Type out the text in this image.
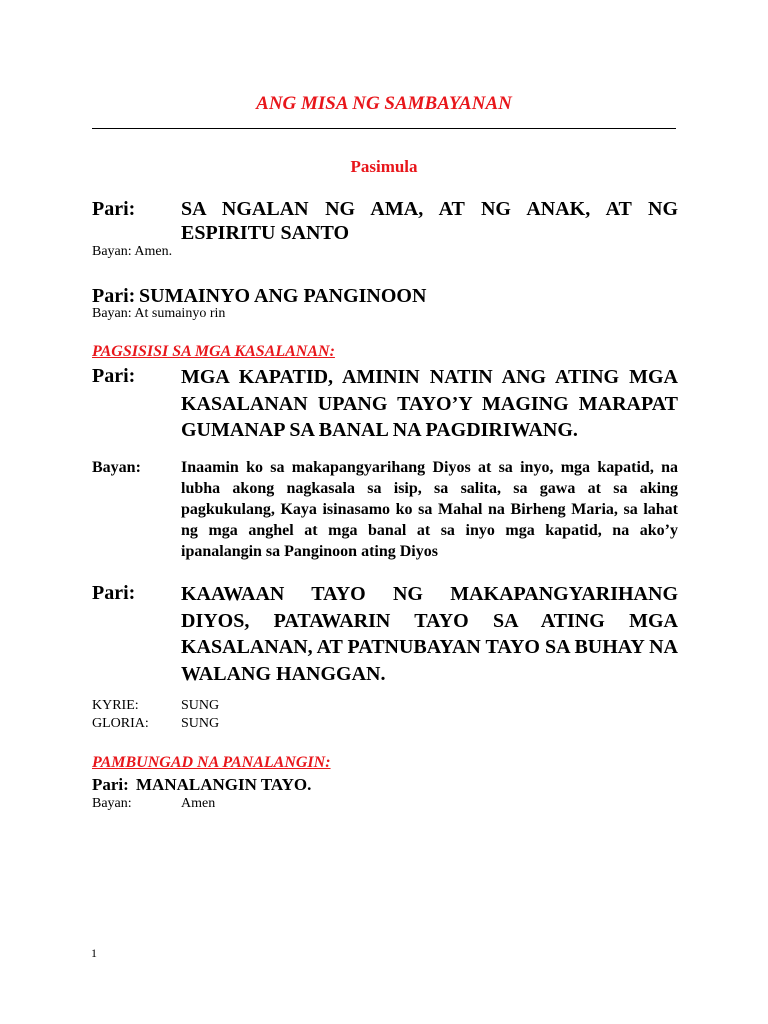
ANG MISA NG SAMBAYANAN
Pasimula
Pari: SA NGALAN NG AMA, AT NG ANAK, AT NG ESPIRITU SANTO
Bayan: Amen.
Pari: SUMAINYO ANG PANGINOON
Bayan: At sumainyo rin
PAGSISISI SA MGA KASALANAN:
Pari: MGA KAPATID, AMININ NATIN ANG ATING MGA KASALANAN UPANG TAYO’Y MAGING MARAPAT GUMANAP SA BANAL NA PAGDIRIWANG.
Bayan:	Inaamin ko sa makapangyarihang Diyos at sa inyo, mga kapatid, na lubha akong nagkasala sa isip, sa salita, sa gawa at sa aking pagkukulang, Kaya isinasamo ko sa Mahal na Birheng Maria, sa lahat ng mga anghel at mga banal at sa inyo mga kapatid, na ako’y ipanalangin sa Panginoon ating Diyos
Pari: KAAWAAN TAYO NG MAKAPANGYARIHANG DIYOS, PATAWARIN TAYO SA ATING MGA KASALANAN, AT PATNUBAYAN TAYO SA BUHAY NA WALANG HANGGAN.
KYRIE:	SUNG
GLORIA: SUNG
PAMBUNGAD NA PANALANGIN:
Pari: MANALANGIN TAYO.
Bayan:	Amen
1
